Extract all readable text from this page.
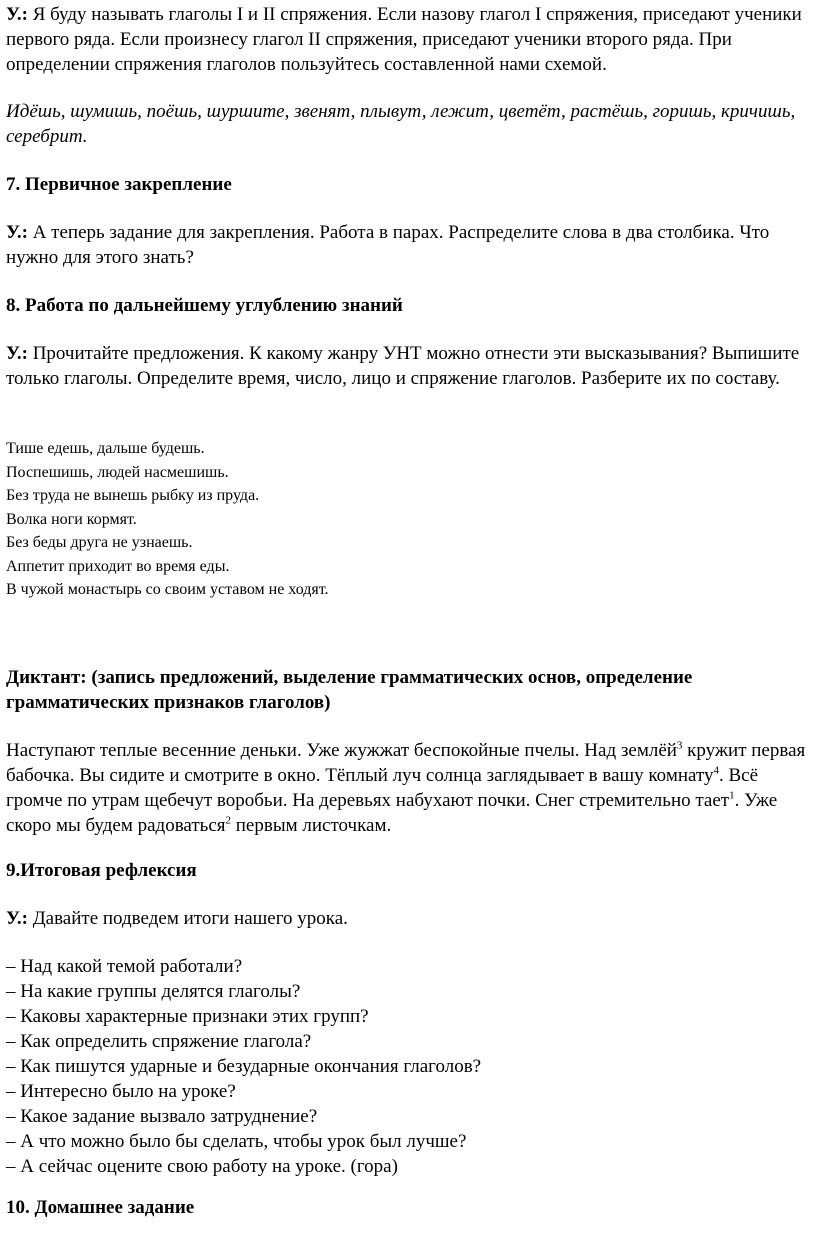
У.: Я буду называть глаголы I и II спряжения. Если назову глагол I спряжения, приседают ученики первого ряда. Если произнесу глагол II спряжения, приседают ученики второго ряда. При определении спряжения глаголов пользуйтесь составленной нами схемой.

Идёшь, шумишь, поёшь, шуршите, звенят, плывут, лежит, цветёт, растёшь, горишь, кричишь, серебрит.

7. Первичное закрепление

У.: А теперь задание для закрепления. Работа в парах. Распределите слова в два столбика. Что нужно для этого знать?

8. Работа по дальнейшему углублению знаний

У.: Прочитайте предложения. К какому жанру УНТ можно отнести эти высказывания? Выпишите только глаголы. Определите время, число, лицо и спряжение глаголов. Разберите их по составу.

Тише едешь, дальше будешь.
Поспешишь, людей насмешишь.
Без труда не вынешь рыбку из пруда.
Волка ноги кормят.
Без беды друга не узнаешь.
Аппетит приходит во время еды.
В чужой монастырь со своим уставом не ходят.

Диктант: (запись предложений, выделение грамматических основ, определение грамматических признаков глаголов)

Наступают теплые весенние деньки. Уже жужжат беспокойные пчелы. Над землёй$^3$ кружит первая бабочка. Вы сидите и смотрите в окно. Тёплый луч солнца заглядывает в вашу комнату$^4$. Всё громче по утрам щебечут воробьи. На деревьях набухают почки. Снег стремительно тает$^1$. Уже скоро мы будем радоваться$^2$ первым листочкам.

9.Итоговая рефлексия

У.: Давайте подведем итоги нашего урока.

– Над какой темой работали?
– На какие группы делятся глаголы?
– Каковы характерные признаки этих групп?
– Как определить спряжение глагола?
– Как пишутся ударные и безударные окончания глаголов?
– Интересно было на уроке?
– Какое задание вызвало затруднение?
– А что можно было бы сделать, чтобы урок был лучше?
– А сейчас оцените свою работу на уроке. (гора)

10. Домашнее задание
